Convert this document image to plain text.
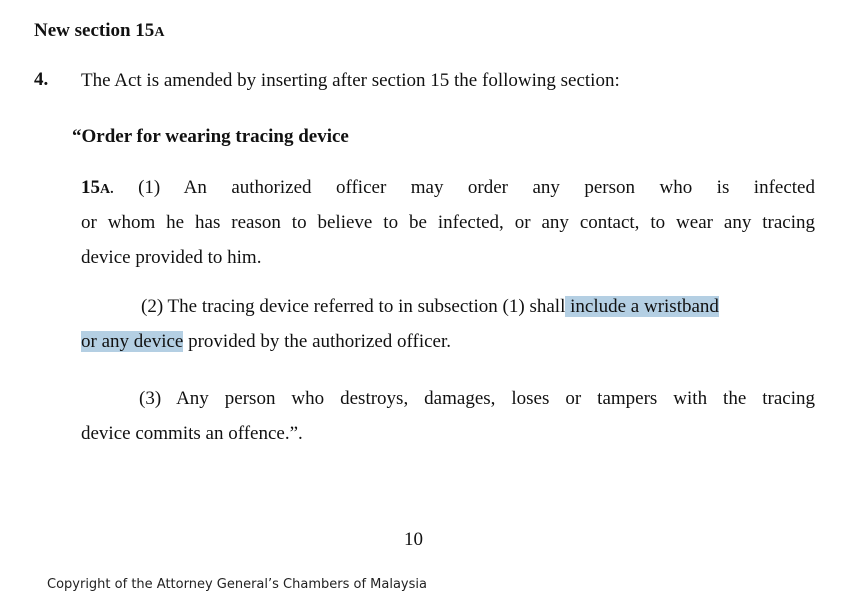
New section 15A
4. The Act is amended by inserting after section 15 the following section:
“Order for wearing tracing device
15A. (1) An authorized officer may order any person who is infected
or whom he has reason to believe to be infected, or any contact, to wear any tracing
device provided to him.
(2) The tracing device referred to in subsection (1) shall include a wristband
or any device provided by the authorized officer.
(3) Any person who destroys, damages, loses or tampers with the tracing
device commits an offence.”.
10
Copyright of the Attorney General’s Chambers of Malaysia
